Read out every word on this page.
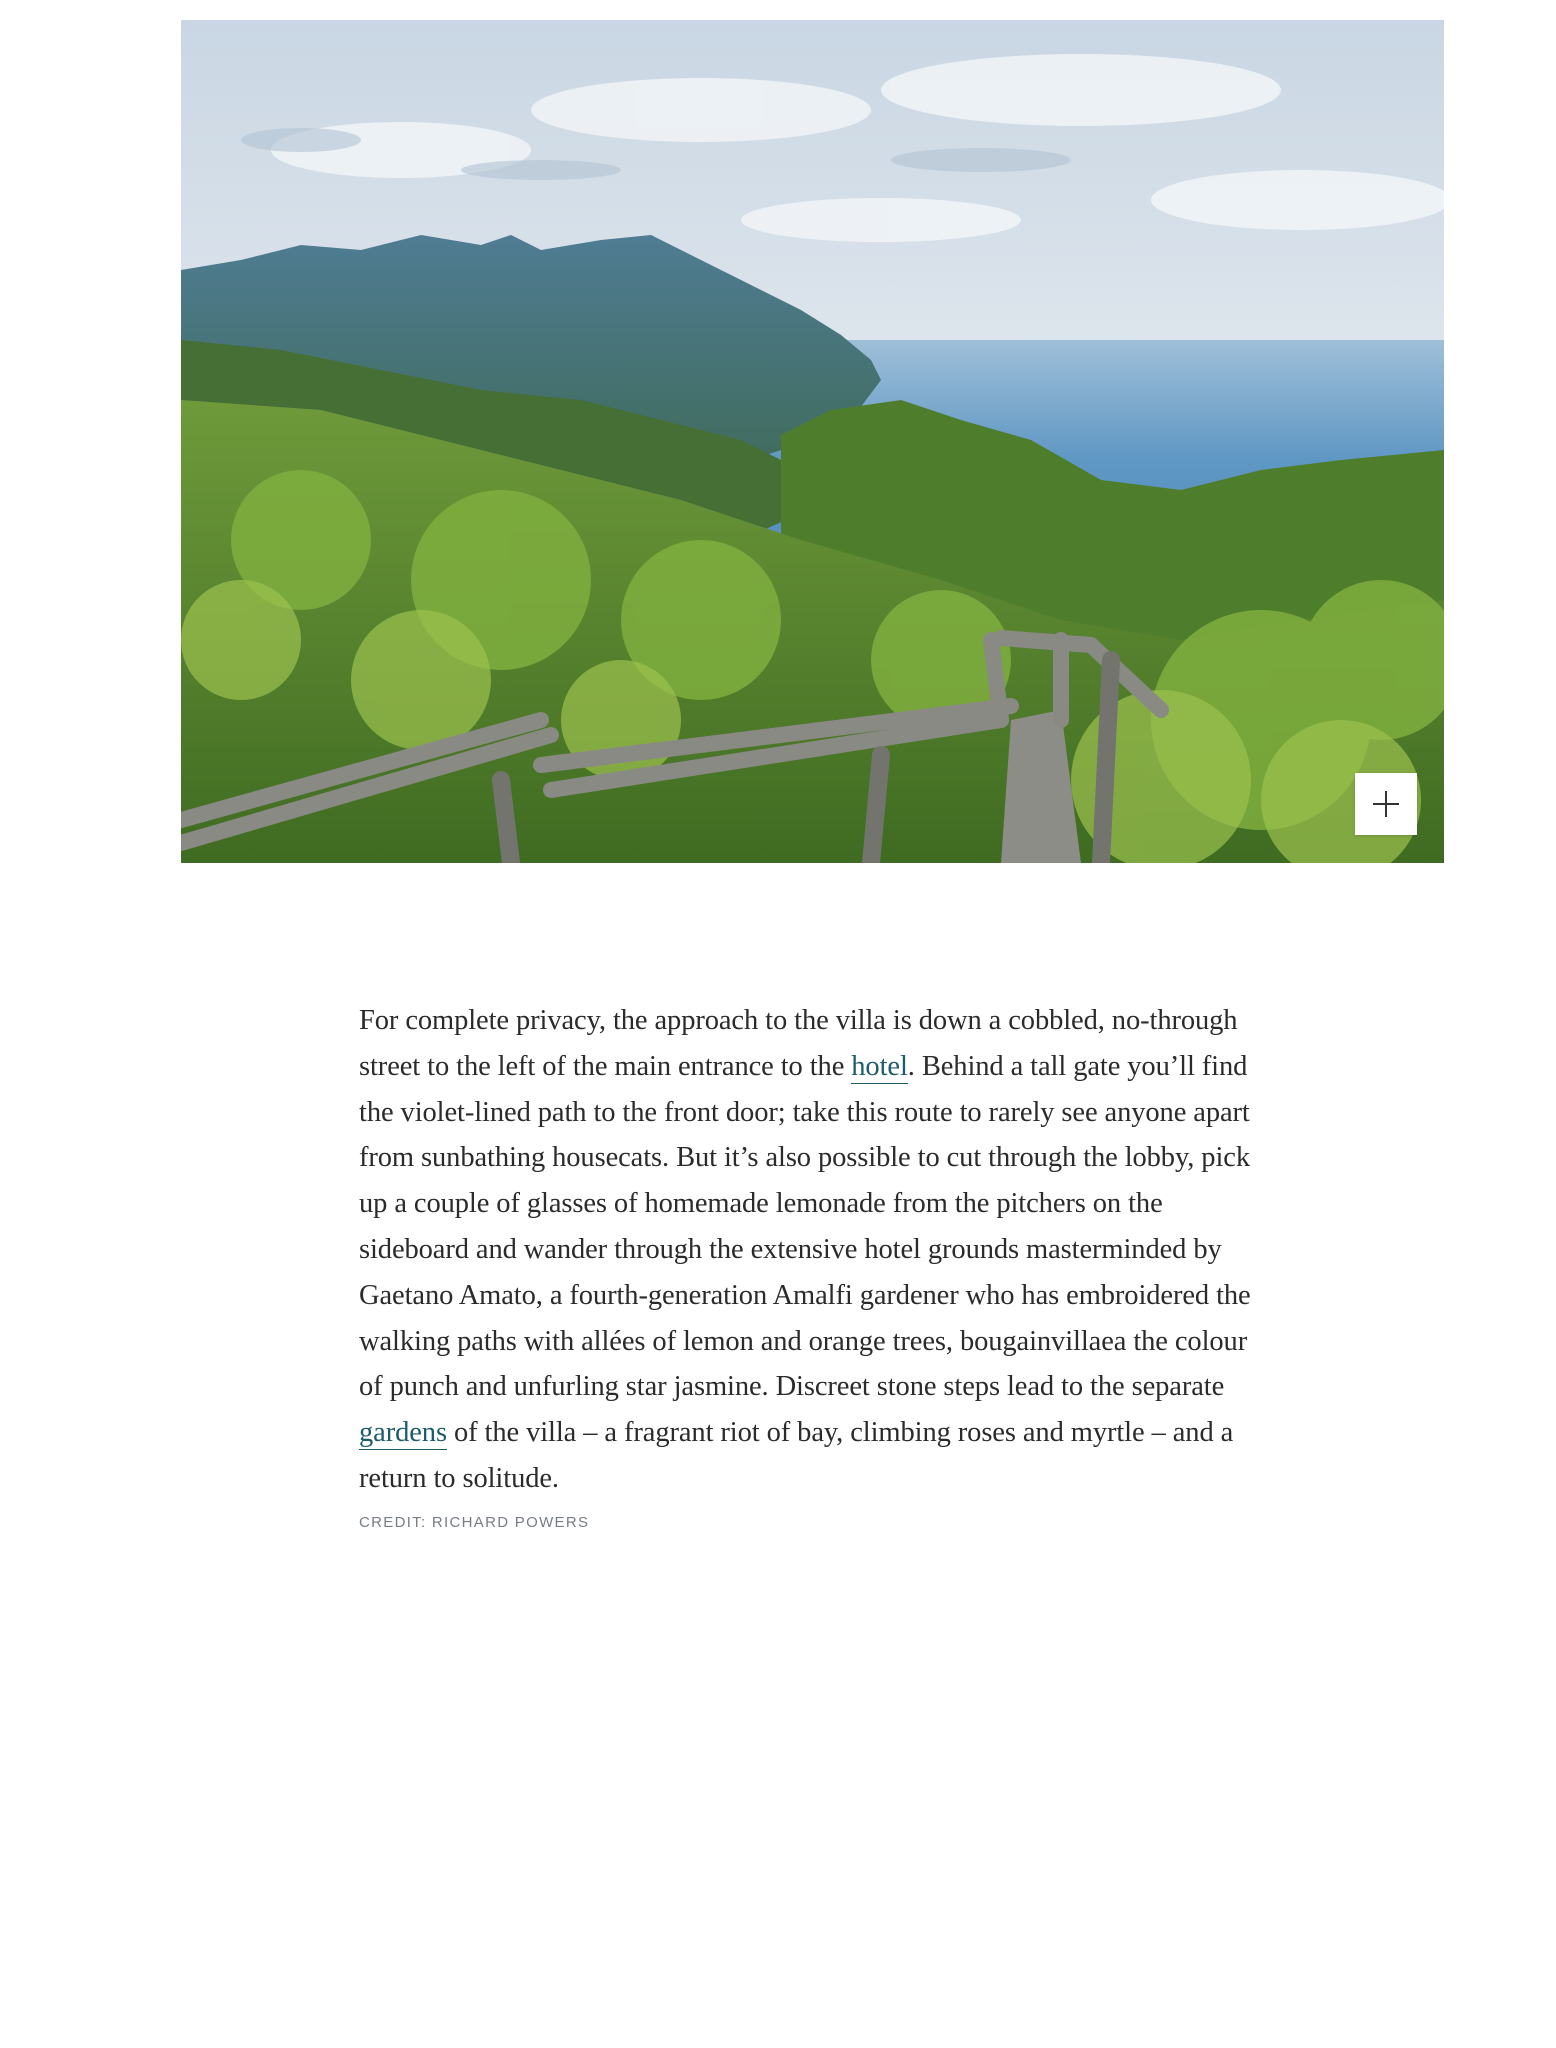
For complete privacy, the approach to the villa is down a cobbled, no-through street to the left of the main entrance to the hotel. Behind a tall gate you’ll find the violet-lined path to the front door; take this route to rarely see anyone apart from sunbathing housecats. But it’s also possible to cut through the lobby, pick up a couple of glasses of homemade lemonade from the pitchers on the sideboard and wander through the extensive hotel grounds masterminded by Gaetano Amato, a fourth-generation Amalfi gardener who has embroidered the walking paths with allées of lemon and orange trees, bougainvillaea the colour of punch and unfurling star jasmine. Discreet stone steps lead to the separate gardens of the villa – a fragrant riot of bay, climbing roses and myrtle – and a return to solitude.

CREDIT: RICHARD POWERS
